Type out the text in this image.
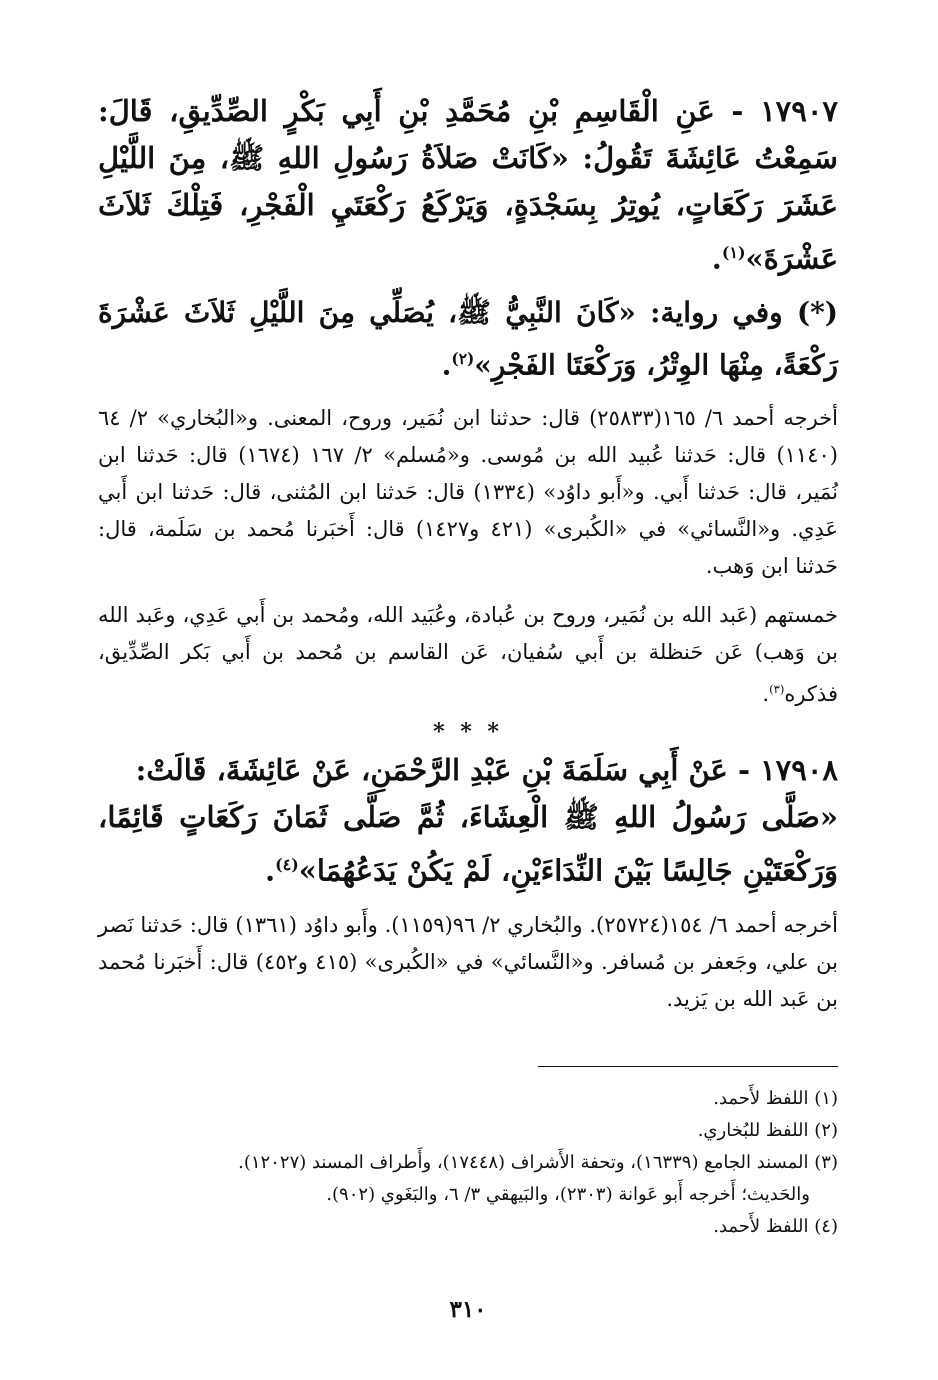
١٧٩٠٧ - عَنِ الْقَاسِمِ بْنِ مُحَمَّدِ بْنِ أَبِي بَكْرٍ الصِّدِّيقِ، قَالَ: سَمِعْتُ عَائِشَةَ تَقُولُ: «كَانَتْ صَلاَةُ رَسُولِ اللهِ ﷺ، مِنَ اللَّيْلِ عَشَرَ رَكَعَاتٍ، يُوتِرُ بِسَجْدَةٍ، وَيَرْكَعُ رَكْعَتَيِ الْفَجْرِ، فَتِلْكَ ثَلاَثَ عَشْرَةَ»$^{(١)}$.

(*) وفي رواية: «كَانَ النَّبِيُّ ﷺ، يُصَلِّي مِنَ اللَّيْلِ ثَلاَثَ عَشْرَةَ رَكْعَةً، مِنْهَا الوِتْرُ، وَرَكْعَتَا الفَجْرِ»$^{(٢)}$.

أخرجه أحمد ٦/ ١٦٥(٢٥٨٣٣) قال: حدثنا ابن نُمَير، وروح، المعنى. و«البُخاري» ٢/ ٦٤ (١١٤٠) قال: حَدثنا عُبيد الله بن مُوسى. و«مُسلم» ٢/ ١٦٧ (١٦٧٤) قال: حَدثنا ابن نُمَير، قال: حَدثنا أَبي. و«أَبو داوُد» (١٣٣٤) قال: حَدثنا ابن المُثنى، قال: حَدثنا ابن أَبي عَدِي. و«النَّسائي» في «الكُبرى» (٤٢١ و١٤٢٧) قال: أَخبَرنا مُحمد بن سَلَمة، قال: حَدثنا ابن وَهب.

خمستهم (عَبد الله بن نُمَير، وروح بن عُبادة، وعُبَيد الله، ومُحمد بن أَبي عَدِي، وعَبد الله بن وَهب) عَن حَنظلة بن أَبي سُفيان، عَن القاسم بن مُحمد بن أَبي بَكر الصِّدِّيق، فذكره$^{(٣)}$.

* * *

١٧٩٠٨ - عَنْ أَبِي سَلَمَةَ بْنِ عَبْدِ الرَّحْمَنِ، عَنْ عَائِشَةَ، قَالَتْ:
«صَلَّى رَسُولُ اللهِ ﷺ الْعِشَاءَ، ثُمَّ صَلَّى ثَمَانَ رَكَعَاتٍ قَائِمًا، وَرَكْعَتَيْنِ جَالِسًا بَيْنَ النِّدَاءَيْنِ، لَمْ يَكُنْ يَدَعُهُمَا»$^{(٤)}$.

أخرجه أحمد ٦/ ١٥٤(٢٥٧٢٤). والبُخاري ٢/ ٩٦(١١٥٩). وأَبو داوُد (١٣٦١) قال: حَدثنا نَصر بن علي، وجَعفر بن مُسافر. و«النَّسائي» في «الكُبرى» (٤١٥ و٤٥٢) قال: أَخبَرنا مُحمد بن عَبد الله بن يَزيد.

(١) اللفظ لأَحمد.

(٢) اللفظ للبُخاري.

(٣) المسند الجامع (١٦٣٣٩)، وتحفة الأَشراف (١٧٤٤٨)، وأَطراف المسند (١٢٠٢٧).

والحَديث؛ أَخرجه أَبو عَوانة (٢٣٠٣)، والبَيهقي ٣/ ٦، والبَغَوي (٩٠٢).

(٤) اللفظ لأَحمد.

٣١٠
